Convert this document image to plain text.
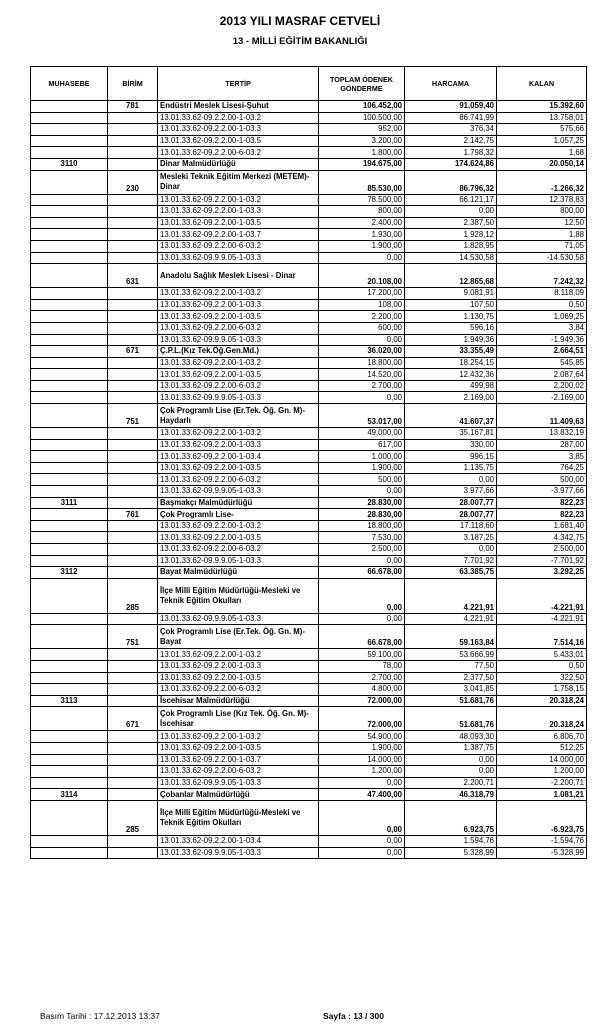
2013 YILI MASRAF CETVELİ
13 - MİLLİ EĞİTİM BAKANLIĞI
MUHASEBE	BİRİM	TERTİP	TOPLAM ÖDENEK GÖNDERME	HARCAMA	KALAN
	781	Endüstri Meslek Lisesi-Şuhut	106.452,00	91.059,40	15.392,60
		13.01.33.62-09.2.2.00-1-03.2	100.500,00	86.741,99	13.758,01
		13.01.33.62-09.2.2.00-1-03.3	952,00	376,34	575,66
		13.01.33.62-09.2.2.00-1-03.5	3.200,00	2.142,75	1.057,25
		13.01.33.62-09.2.2.00-6-03.2	1.800,00	1.798,32	1,68
3110		Dinar Malmüdürlüğü	194.675,00	174.624,86	20.050,14
	230	Mesleki Teknik Eğitim Merkezi (METEM)-Dinar	85.530,00	86.796,32	-1.266,32
		13.01.33.62-09.2.2.00-1-03.2	78.500,00	66.121,17	12.378,83
		13.01.33.62-09.2.2.00-1-03.3	800,00	0,00	800,00
		13.01.33.62-09.2.2.00-1-03.5	2.400,00	2.387,50	12,50
		13.01.33.62-09.2.2.00-1-03.7	1.930,00	1.928,12	1,88
		13.01.33.62-09.2.2.00-6-03.2	1.900,00	1.828,95	71,05
		13.01.33.62-09.9.9.05-1-03.3	0,00	14.530,58	-14.530,58
	631	Anadolu Sağlık Meslek Lisesi - Dinar	20.108,00	12.865,68	7.242,32
		13.01.33.62-09.2.2.00-1-03.2	17.200,00	9.081,91	8.118,09
		13.01.33.62-09.2.2.00-1-03.3	108,00	107,50	0,50
		13.01.33.62-09.2.2.00-1-03.5	2.200,00	1.130,75	1.069,25
		13.01.33.62-09.2.2.00-6-03.2	600,00	596,16	3,84
		13.01.33.62-09.9.9.05-1-03.3	0,00	1.949,36	-1.949,36
	671	Ç.P.L.(Kız Tek.Öğ.Gen.Md.)	36.020,00	33.355,49	2.664,51
		13.01.33.62-09.2.2.00-1-03.2	18.800,00	18.254,15	545,85
		13.01.33.62-09.2.2.00-1-03.5	14.520,00	12.432,36	2.087,64
		13.01.33.62-09.2.2.00-6-03.2	2.700,00	499,98	2.200,02
		13.01.33.62-09.9.9.05-1-03.3	0,00	2.169,00	-2.169,00
	751	Çok Programlı Lise (Er.Tek. Öğ. Gn. M)-Haydarlı	53.017,00	41.607,37	11.409,63
		13.01.33.62-09.2.2.00-1-03.2	49.000,00	35.167,81	13.832,19
		13.01.33.62-09.2.2.00-1-03.3	617,00	330,00	287,00
		13.01.33.62-09.2.2.00-1-03.4	1.000,00	996,15	3,85
		13.01.33.62-09.2.2.00-1-03.5	1.900,00	1.135,75	764,25
		13.01.33.62-09.2.2.00-6-03.2	500,00	0,00	500,00
		13.01.33.62-09.9.9.05-1-03.3	0,00	3.977,66	-3.977,66
3111		Başmakçı Malmüdürlüğü	28.830,00	28.007,77	822,23
	761	Çok Programlı Lise-	28.830,00	28.007,77	822,23
		13.01.33.62-09.2.2.00-1-03.2	18.800,00	17.118,60	1.681,40
		13.01.33.62-09.2.2.00-1-03.5	7.530,00	3.187,25	4.342,75
		13.01.33.62-09.2.2.00-6-03.2	2.500,00	0,00	2.500,00
		13.01.33.62-09.9.9.05-1-03.3	0,00	7.701,92	-7.701,92
3112		Bayat Malmüdürlüğü	66.678,00	63.385,75	3.292,25
	285	İlçe Milli Eğitim Müdürlüğü-Mesleki ve Teknik Eğitim Okulları	0,00	4.221,91	-4.221,91
		13.01.33.62-09.9.9.05-1-03.3	0,00	4.221,91	-4.221,91
	751	Çok Programlı Lise (Er.Tek. Öğ. Gn. M)-Bayat	66.678,00	59.163,84	7.514,16
		13.01.33.62-09.2.2.00-1-03.2	59.100,00	53.666,99	5.433,01
		13.01.33.62-09.2.2.00-1-03.3	78,00	77,50	0,50
		13.01.33.62-09.2.2.00-1-03.5	2.700,00	2.377,50	322,50
		13.01.33.62-09.2.2.00-6-03.2	4.800,00	3.041,85	1.758,15
3113		İscehisar Malmüdürlüğü	72.000,00	51.681,76	20.318,24
	671	Çok Programlı Lise (Kız Tek. Öğ. Gn. M)-İscehisar	72.000,00	51.681,76	20.318,24
		13.01.33.62-09.2.2.00-1-03.2	54.900,00	48.093,30	6.806,70
		13.01.33.62-09.2.2.00-1-03.5	1.900,00	1.387,75	512,25
		13.01.33.62-09.2.2.00-1-03.7	14.000,00	0,00	14.000,00
		13.01.33.62-09.2.2.00-6-03.2	1.200,00	0,00	1.200,00
		13.01.33.62-09.9.9.05-1-03.3	0,00	2.200,71	-2.200,71
3114		Çobanlar Malmüdürlüğü	47.400,00	46.318,79	1.081,21
	285	İlçe Milli Eğitim Müdürlüğü-Mesleki ve Teknik Eğitim Okulları	0,00	6.923,75	-6.923,75
		13.01.33.62-09.2.2.00-1-03.4	0,00	1.594,76	-1.594,76
		13.01.33.62-09.9.9.05-1-03.3	0,00	5.328,99	-5.328,99
Basım Tarihi : 17.12.2013 13:37	Sayfa : 13 / 300
